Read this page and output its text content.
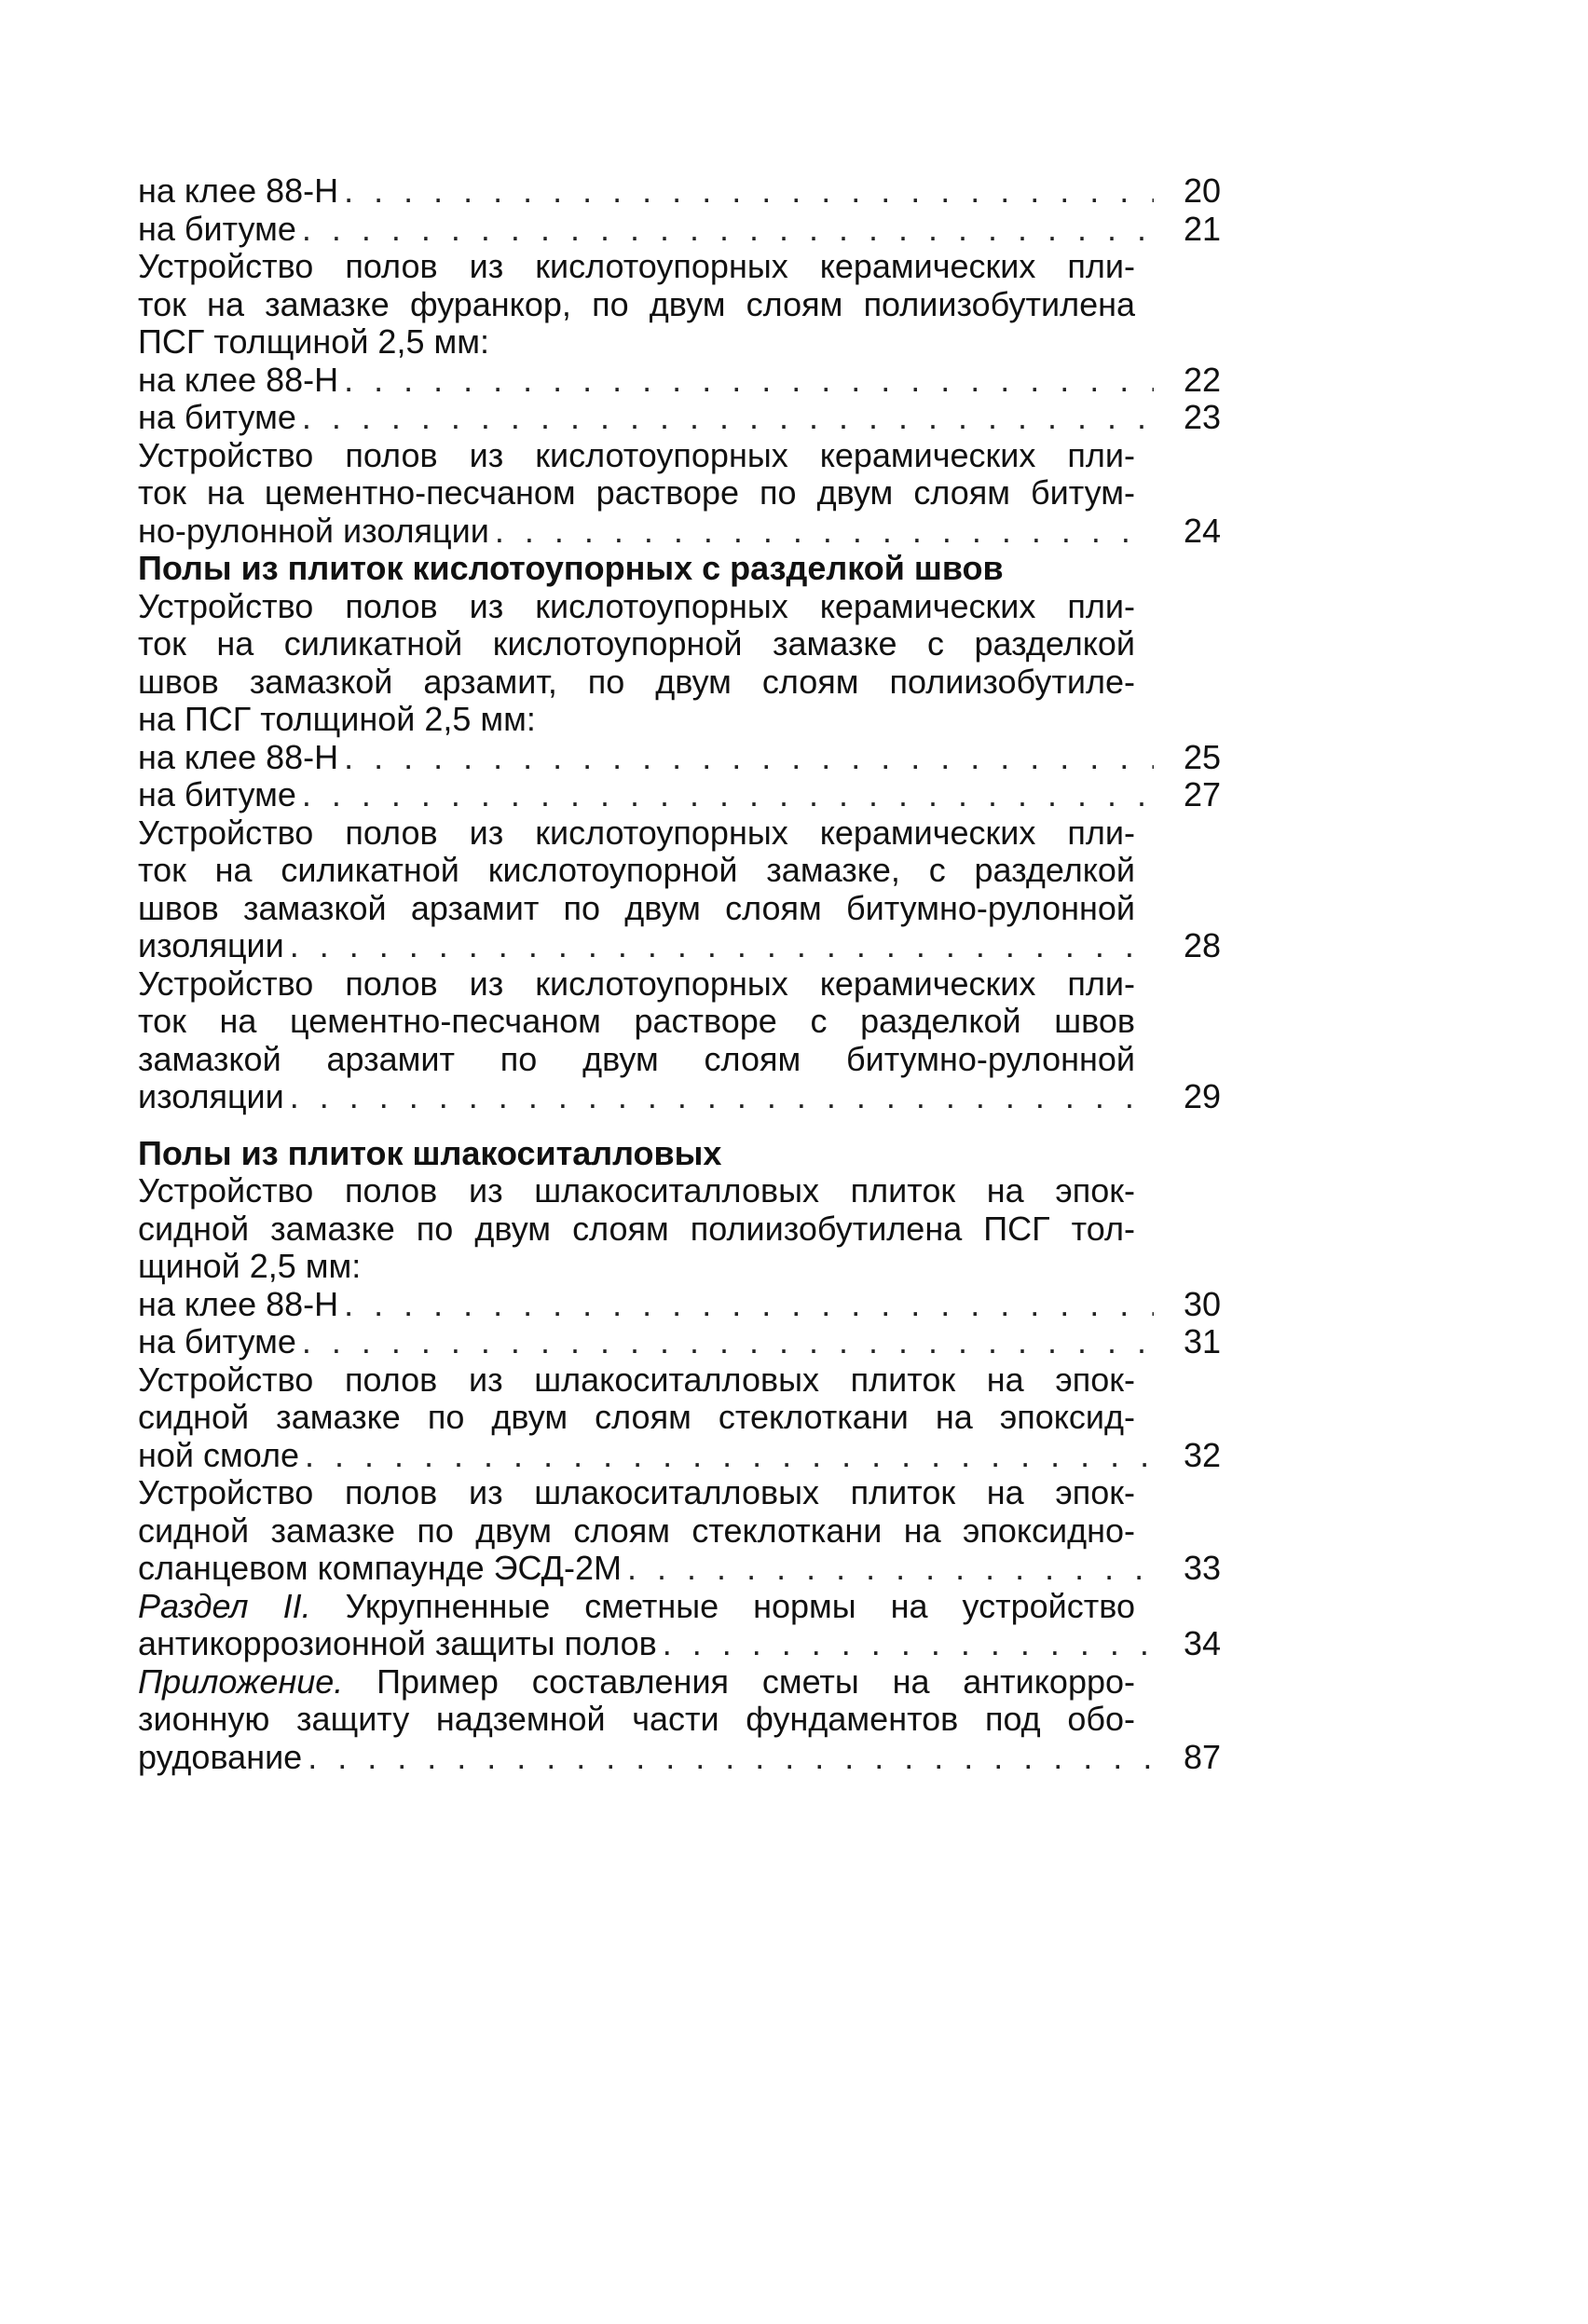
на клее 88-Н . . .	20
на битуме . . .	21
Устройство полов из кислотоупорных керамических пли-
ток на замазке фуранкор, по двум слоям полиизобутилена
ПСГ толщиной 2,5 мм:
на клее 88-Н . . .	22
на битуме . . .	23
Устройство полов из кислотоупорных керамических пли-
ток на цементно-песчаном растворе по двум слоям битум-
но-рулонной изоляции . . .	24
Полы из плиток кислотоупорных с разделкой швов
Устройство полов из кислотоупорных керамических пли-
ток на силикатной кислотоупорной замазке с разделкой
швов замазкой арзамит, по двум слоям полиизобутиле-
на ПСГ толщиной 2,5 мм:
на клее 88-Н . . .	25
на битуме . . .	27
Устройство полов из кислотоупорных керамических пли-
ток на силикатной кислотоупорной замазке, с разделкой
швов замазкой арзамит по двум слоям битумно-рулонной
изоляции . . .	28
Устройство полов из кислотоупорных керамических пли-
ток на цементно-песчаном растворе с разделкой швов
замазкой арзамит по двум слоям битумно-рулонной
изоляции . . .	29
Полы из плиток шлакоситалловых
Устройство полов из шлакоситалловых плиток на эпок-
сидной замазке по двум слоям полиизобутилена ПСГ тол-
щиной 2,5 мм:
на клее 88-Н . . .	30
на битуме . . .	31
Устройство полов из шлакоситалловых плиток на эпок-
сидной замазке по двум слоям стеклоткани на эпоксид-
ной смоле . . .	32
Устройство полов из шлакоситалловых плиток на эпок-
сидной замазке по двум слоям стеклоткани на эпоксидно-
сланцевом компаунде ЭСД-2М . . .	33
Раздел II. Укрупненные сметные нормы на устройство
антикоррозионной защиты полов . . .	34
Приложение. Пример составления сметы на антикорро-
зионную защиту надземной части фундаментов под обо-
рудование . . .	87
